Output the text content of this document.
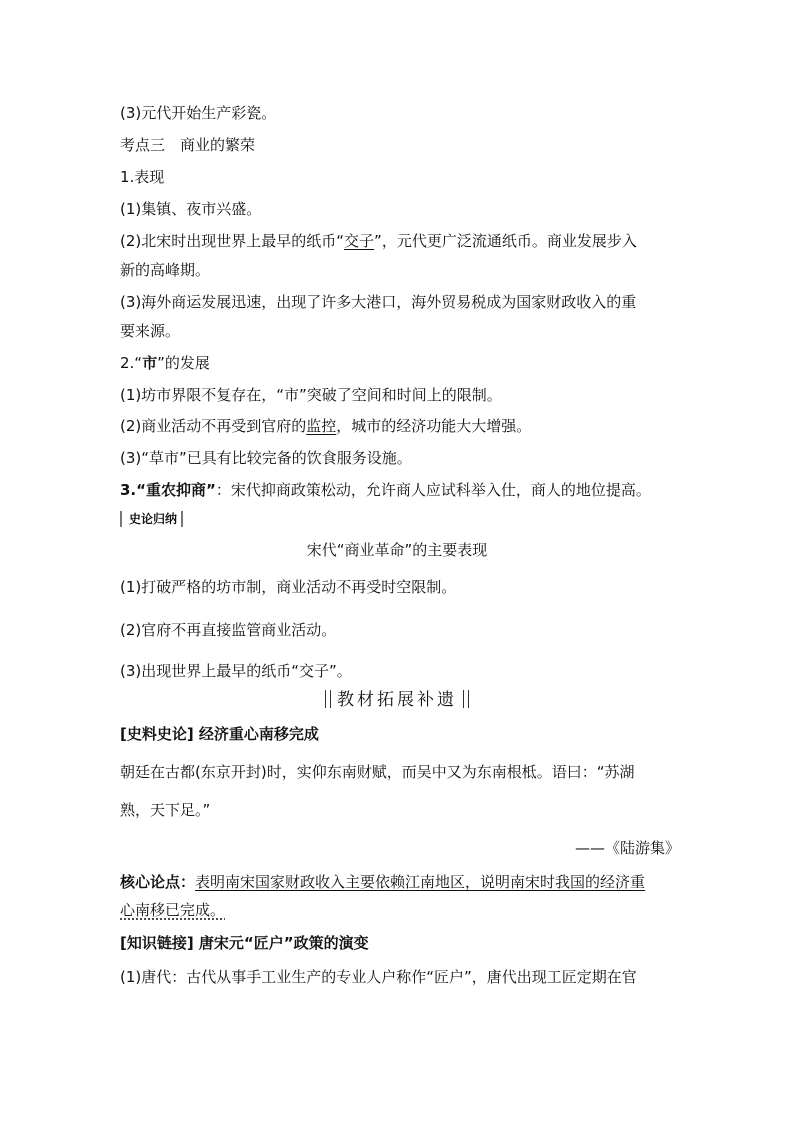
(3)元代开始生产彩瓷。
考点三　商业的繁荣
1.表现
(1)集镇、夜市兴盛。
(2)北宋时出现世界上最早的纸币“交子”，元代更广泛流通纸币。商业发展步入
新的高峰期。
(3)海外商运发展迅速，出现了许多大港口，海外贸易税成为国家财政收入的重
要来源。
2.“市”的发展
(1)坊市界限不复存在，“市”突破了空间和时间上的限制。
(2)商业活动不再受到官府的监控，城市的经济功能大大增强。
(3)“草市”已具有比较完备的饮食服务设施。
3.“重农抑商”：宋代抑商政策松动，允许商人应试科举入仕，商人的地位提高。
史论归纳
宋代“商业革命”的主要表现
(1)打破严格的坊市制，商业活动不再受时空限制。
(2)官府不再直接监管商业活动。
(3)出现世界上最早的纸币“交子”。
教材拓展补遗
[史料史论] 经济重心南移完成
朝廷在古都(东京开封)时，实仰东南财赋，而吴中又为东南根柢。语曰：“苏湖
熟，天下足。”
——《陆游集》
核心论点：表明南宋国家财政收入主要依赖江南地区，说明南宋时我国的经济重
心南移已完成。
[知识链接] 唐宋元“匠户”政策的演变
(1)唐代：古代从事手工业生产的专业人户称作“匠户”，唐代出现工匠定期在官
